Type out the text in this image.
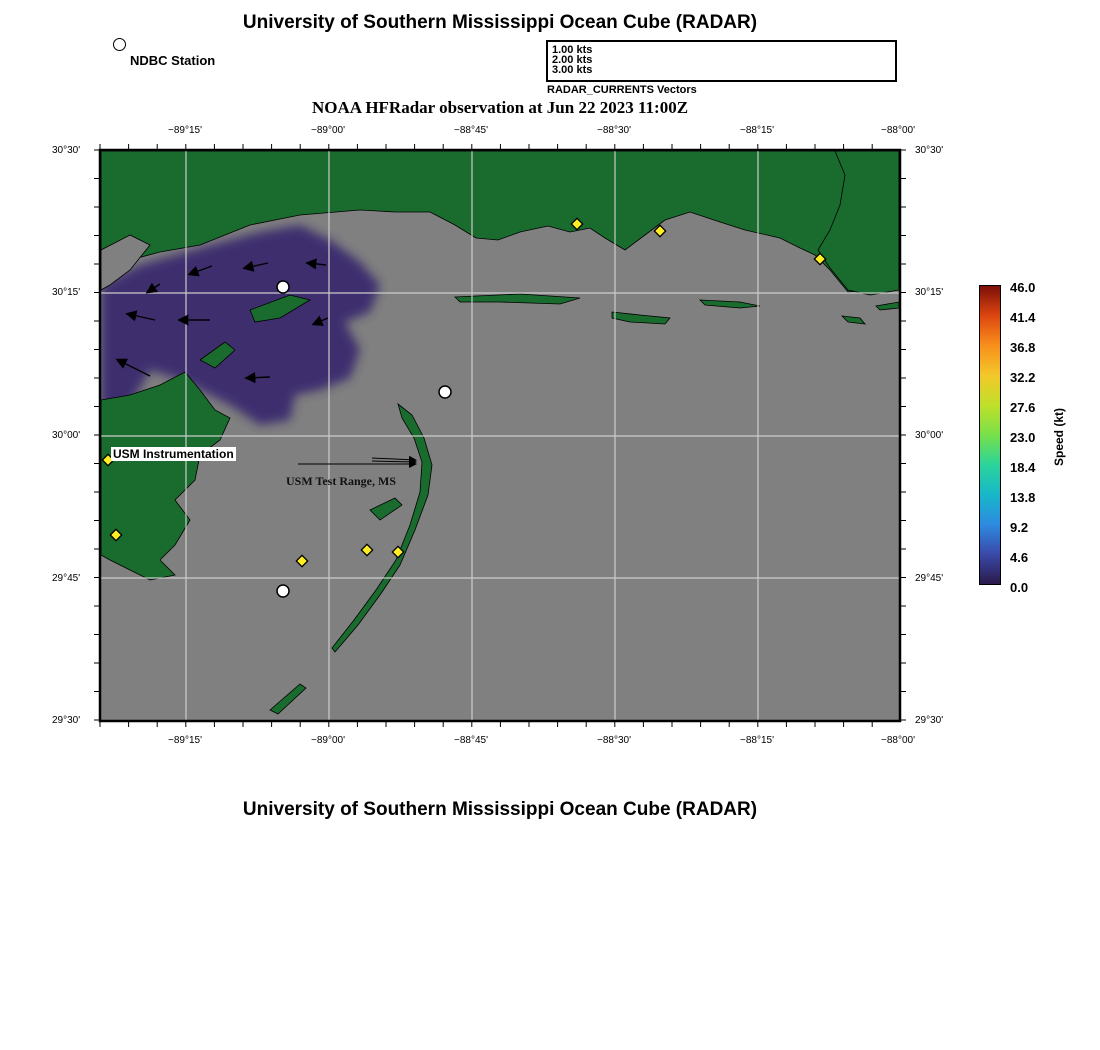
University of Southern Mississippi Ocean Cube (RADAR)
NOAA HFRadar observation at Jun 22 2023 11:00Z
University of Southern Mississippi Ocean Cube (RADAR)
NDBC Station
1.00 kts
2.00 kts
3.00 kts
RADAR_CURRENTS Vectors
−89°15'	−89°00'	−88°45'	−88°30'	−88°15'	−88°00'
−89°15'	−89°00'	−88°45'	−88°30'	−88°15'	−88°00'
30°30'
30°15'
30°00'
29°45'
29°30'
30°30'
30°15'
30°00'
29°45'
29°30'
USM Instrumentation
USM Test Range, MS
46.0
41.4
36.8
32.2
27.6
23.0
18.4
13.8
9.2
4.6
0.0
Speed (kt)
